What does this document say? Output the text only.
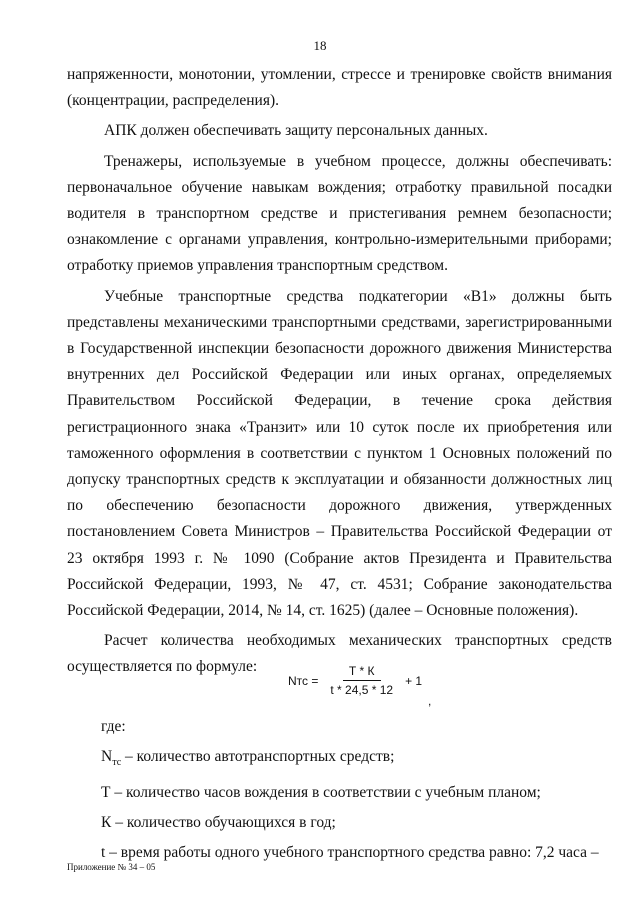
18

напряженности, монотонии, утомлении, стрессе и тренировке свойств внимания (концентрации, распределения).

АПК должен обеспечивать защиту персональных данных.

Тренажеры, используемые в учебном процессе, должны обеспечивать: первоначальное обучение навыкам вождения; отработку правильной посадки водителя в транспортном средстве и пристегивания ремнем безопасности; ознакомление с органами управления, контрольно-измерительными приборами; отработку приемов управления транспортным средством.

Учебные транспортные средства подкатегории «В1» должны быть представлены механическими транспортными средствами, зарегистрированными в Государственной инспекции безопасности дорожного движения Министерства внутренних дел Российской Федерации или иных органах, определяемых Правительством Российской Федерации, в течение срока действия регистрационного знака «Транзит» или 10 суток после их приобретения или таможенного оформления в соответствии с пунктом 1 Основных положений по допуску транспортных средств к эксплуатации и обязанности должностных лиц по обеспечению безопасности дорожного движения, утвержденных постановлением Совета Министров – Правительства Российской Федерации от 23 октября 1993 г. № 1090 (Собрание актов Президента и Правительства Российской Федерации, 1993, № 47, ст. 4531; Собрание законодательства Российской Федерации, 2014, № 14, ст. 1625) (далее – Основные положения).

Расчет количества необходимых механических транспортных средств осуществляется по формуле:

Nтс = $\frac{Т * К}{t * 24,5 * 12} + 1$
,

где:

$N_{тс}$ – количество автотранспортных средств;

Т – количество часов вождения в соответствии с учебным планом;

К – количество обучающихся в год;

t – время работы одного учебного транспортного средства равно: 7,2 часа –

Приложение № 34 – 05
